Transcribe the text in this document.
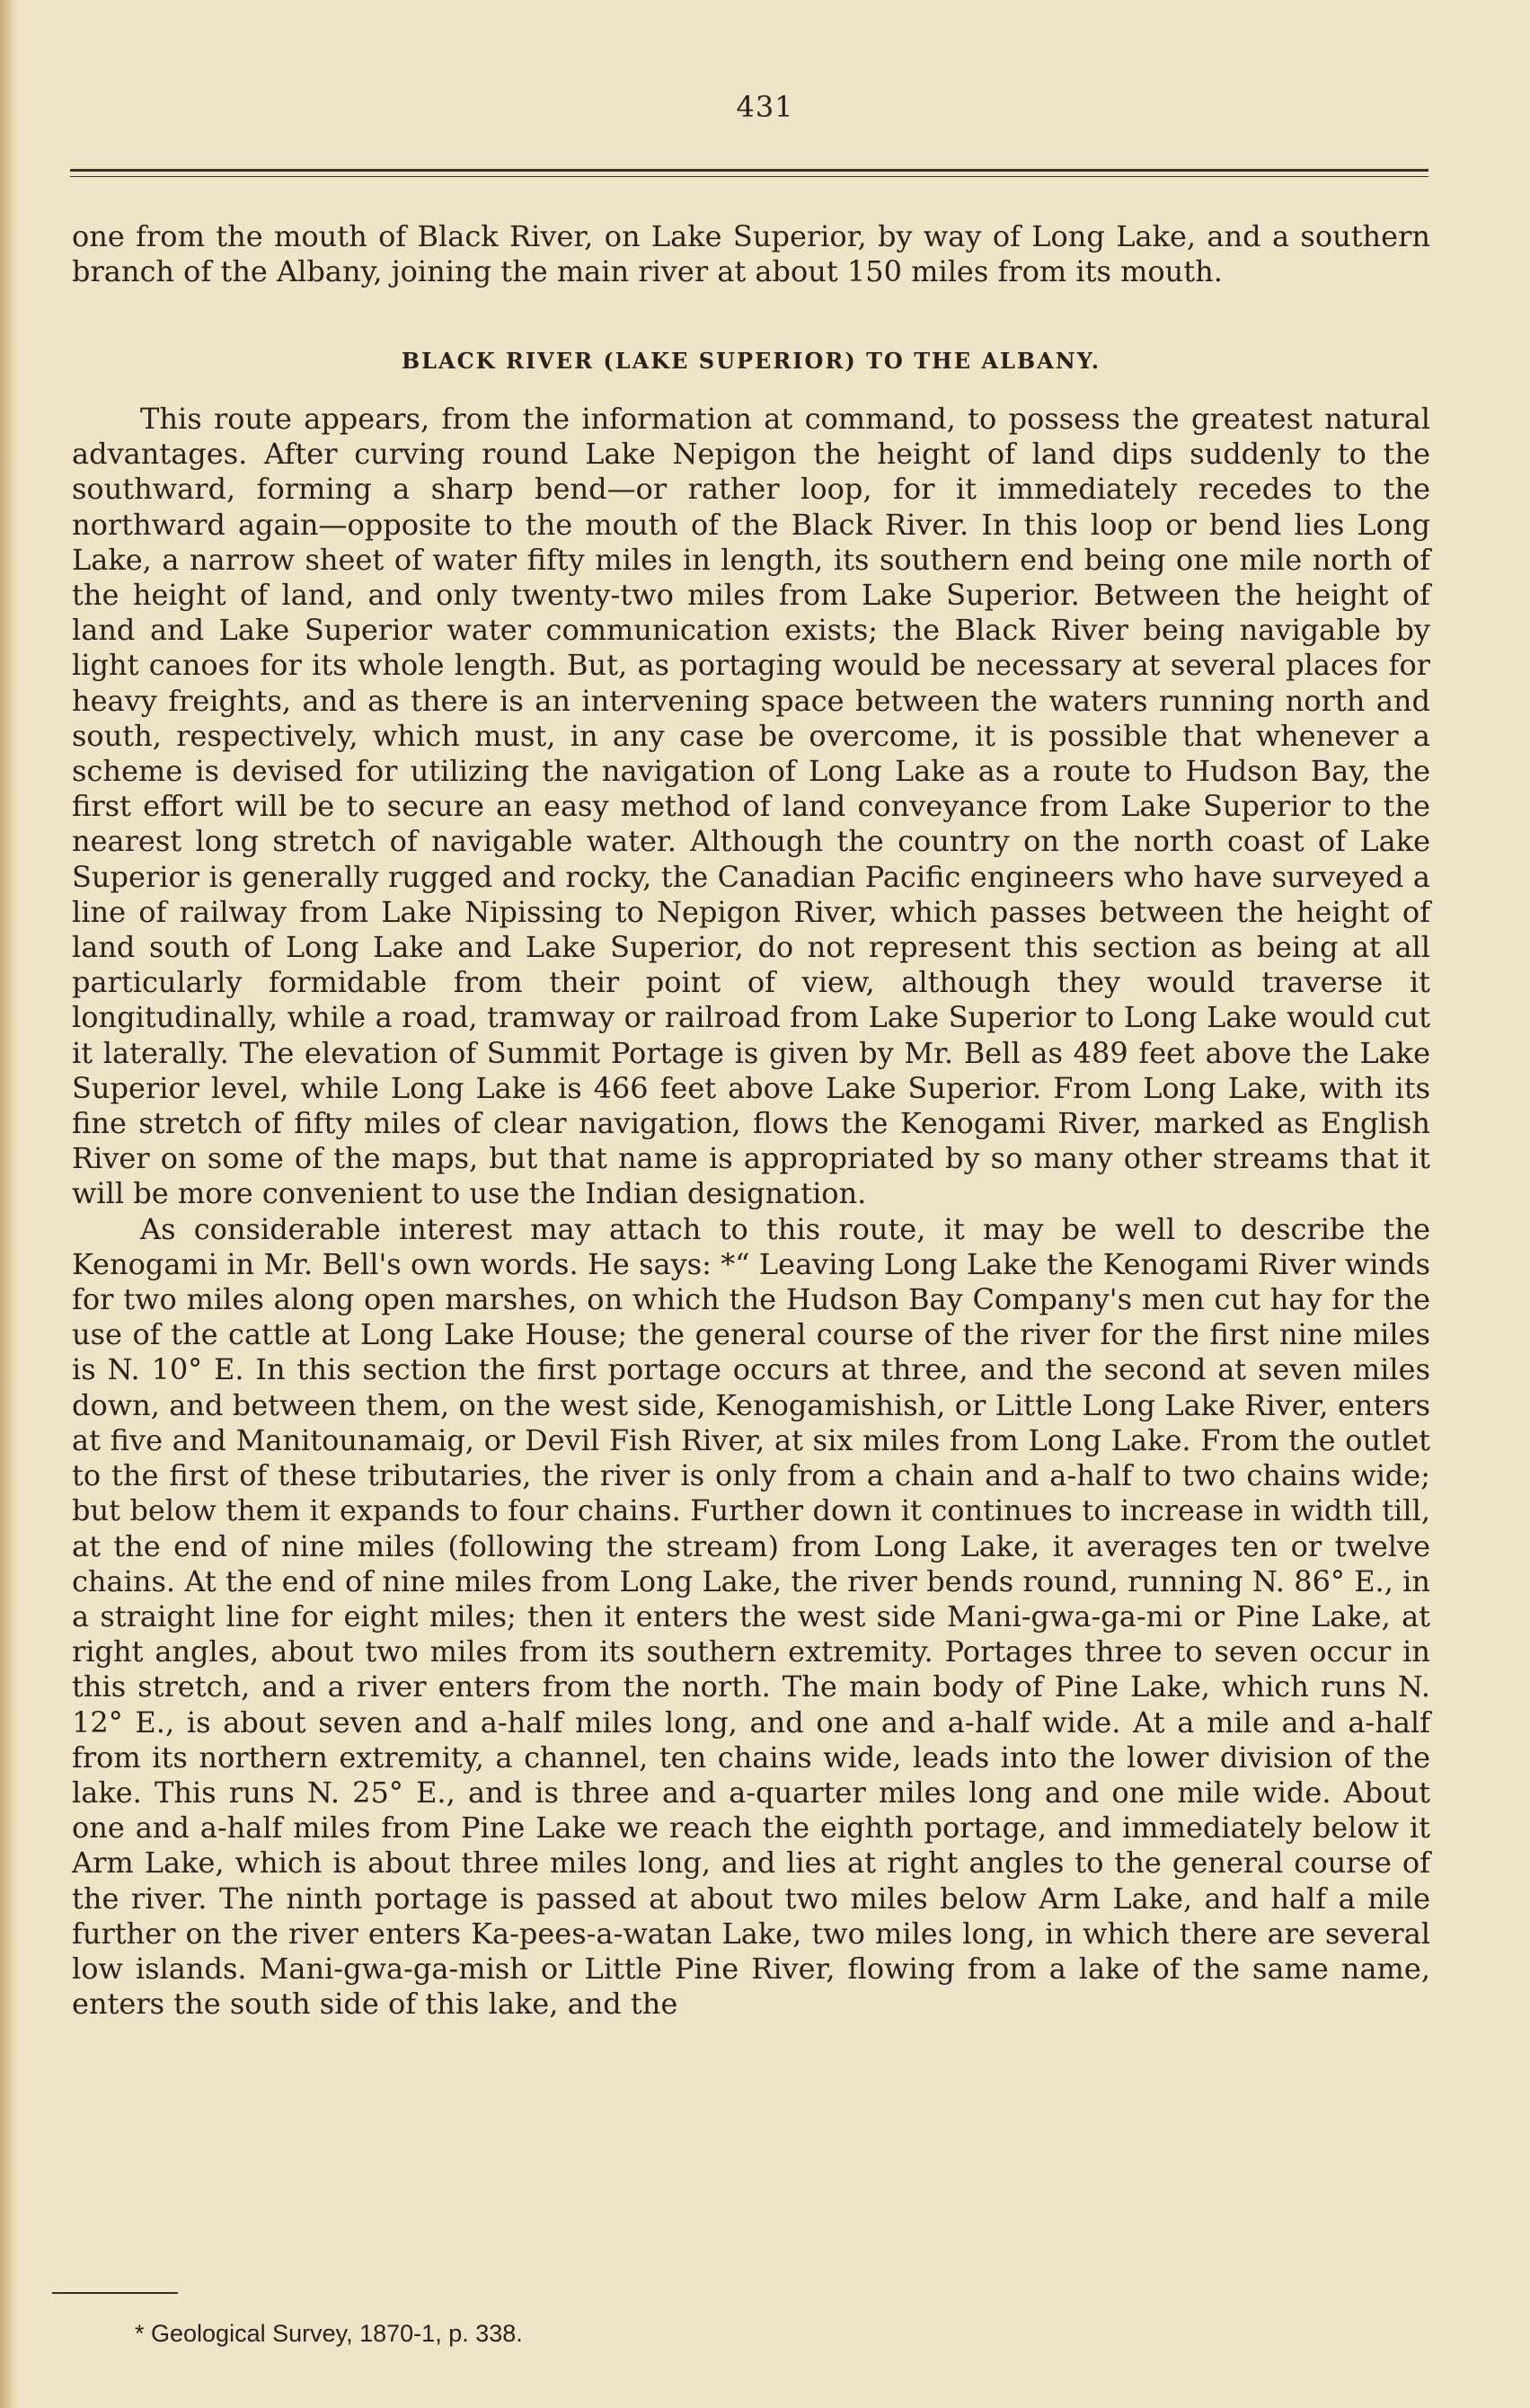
431

one from the mouth of Black River, on Lake Superior, by way of Long Lake, and a southern branch of the Albany, joining the main river at about 150 miles from its mouth.

BLACK RIVER (LAKE SUPERIOR) TO THE ALBANY.

This route appears, from the information at command, to possess the greatest natural advantages. After curving round Lake Nepigon the height of land dips suddenly to the southward, forming a sharp bend—or rather loop, for it immediately recedes to the northward again—opposite to the mouth of the Black River. In this loop or bend lies Long Lake, a narrow sheet of water fifty miles in length, its southern end being one mile north of the height of land, and only twenty-two miles from Lake Superior. Between the height of land and Lake Superior water communication exists; the Black River being navigable by light canoes for its whole length. But, as portaging would be necessary at several places for heavy freights, and as there is an intervening space between the waters running north and south, respectively, which must, in any case be overcome, it is possible that whenever a scheme is devised for utilizing the navigation of Long Lake as a route to Hudson Bay, the first effort will be to secure an easy method of land conveyance from Lake Superior to the nearest long stretch of navigable water. Although the country on the north coast of Lake Superior is generally rugged and rocky, the Canadian Pacific engineers who have surveyed a line of railway from Lake Nipissing to Nepigon River, which passes between the height of land south of Long Lake and Lake Superior, do not represent this section as being at all particularly formidable from their point of view, although they would traverse it longitudinally, while a road, tramway or railroad from Lake Superior to Long Lake would cut it laterally. The elevation of Summit Portage is given by Mr. Bell as 489 feet above the Lake Superior level, while Long Lake is 466 feet above Lake Superior. From Long Lake, with its fine stretch of fifty miles of clear navigation, flows the Kenogami River, marked as English River on some of the maps, but that name is appropriated by so many other streams that it will be more convenient to use the Indian designation.

As considerable interest may attach to this route, it may be well to describe the Kenogami in Mr. Bell's own words. He says: *“ Leaving Long Lake the Kenogami River winds for two miles along open marshes, on which the Hudson Bay Company's men cut hay for the use of the cattle at Long Lake House; the general course of the river for the first nine miles is N. 10° E. In this section the first portage occurs at three, and the second at seven miles down, and between them, on the west side, Kenogamishish, or Little Long Lake River, enters at five and Manitounamaig, or Devil Fish River, at six miles from Long Lake. From the outlet to the first of these tributaries, the river is only from a chain and a-half to two chains wide; but below them it expands to four chains. Further down it continues to increase in width till, at the end of nine miles (following the stream) from Long Lake, it averages ten or twelve chains. At the end of nine miles from Long Lake, the river bends round, running N. 86° E., in a straight line for eight miles; then it enters the west side Mani-gwa-ga-mi or Pine Lake, at right angles, about two miles from its southern extremity. Portages three to seven occur in this stretch, and a river enters from the north. The main body of Pine Lake, which runs N. 12° E., is about seven and a-half miles long, and one and a-half wide. At a mile and a-half from its northern extremity, a channel, ten chains wide, leads into the lower division of the lake. This runs N. 25° E., and is three and a-quarter miles long and one mile wide. About one and a-half miles from Pine Lake we reach the eighth portage, and immediately below it Arm Lake, which is about three miles long, and lies at right angles to the general course of the river. The ninth portage is passed at about two miles below Arm Lake, and half a mile further on the river enters Ka-pees-a-watan Lake, two miles long, in which there are several low islands. Mani-gwa-ga-mish or Little Pine River, flowing from a lake of the same name, enters the south side of this lake, and the

* Geological Survey, 1870-1, p. 338.
